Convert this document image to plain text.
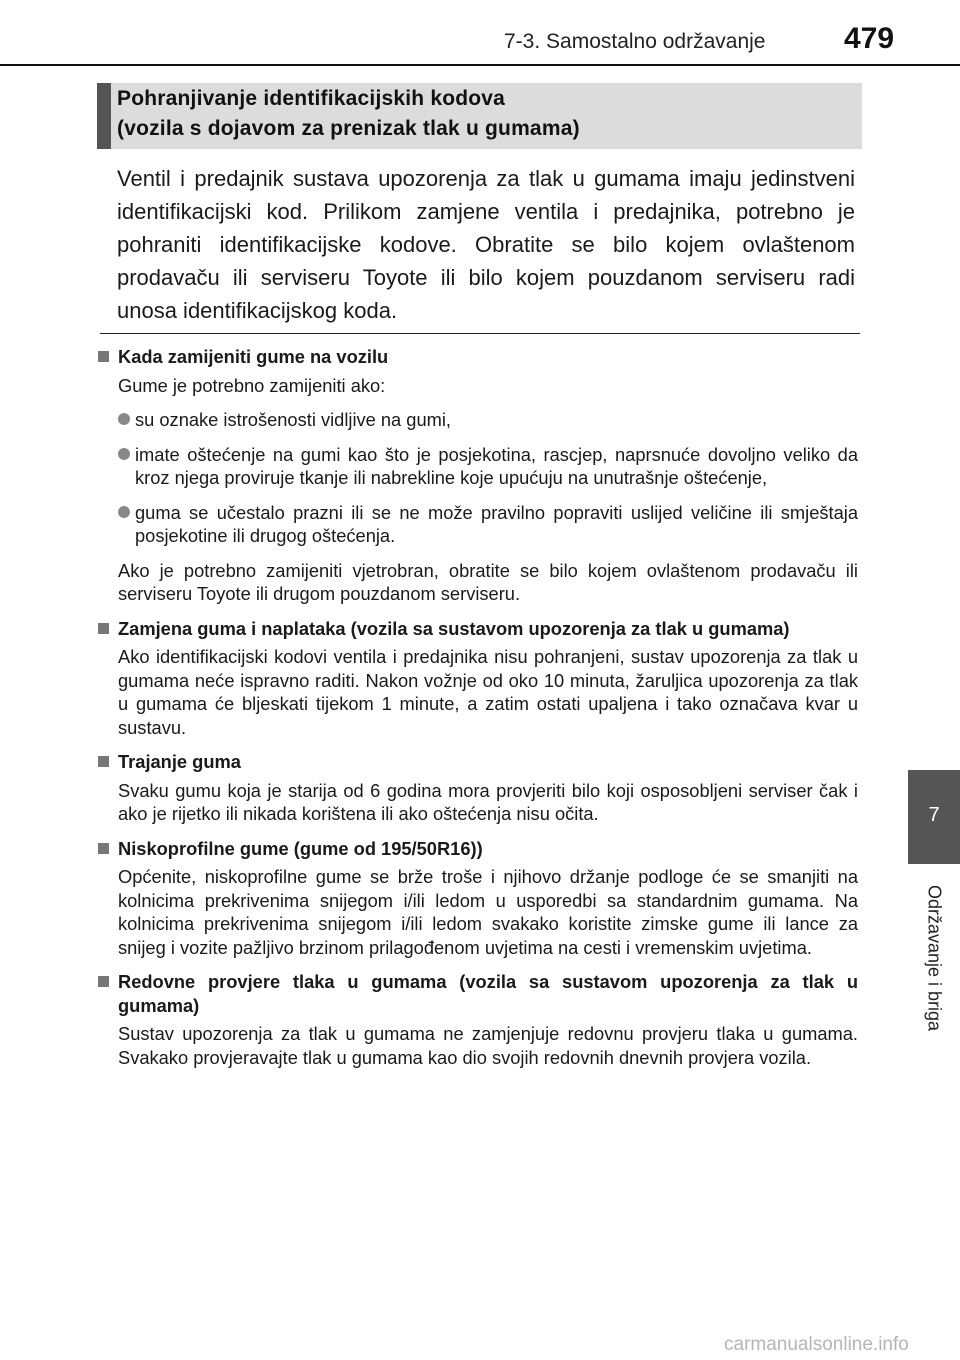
7-3. Samostalno održavanje	479
Pohranjivanje identifikacijskih kodova
(vozila s dojavom za prenizak tlak u gumama)
Ventil i predajnik sustava upozorenja za tlak u gumama imaju jedinstveni identifikacijski kod. Prilikom zamjene ventila i predajnika, potrebno je pohraniti identifikacijske kodove. Obratite se bilo kojem ovlaštenom prodavaču ili serviseru Toyote ili bilo kojem pouzdanom serviseru radi unosa identifikacijskog koda.
Kada zamijeniti gume na vozilu
Gume je potrebno zamijeniti ako:
su oznake istrošenosti vidljive na gumi,
imate oštećenje na gumi kao što je posjekotina, rascjep, naprsnuće dovoljno veliko da kroz njega proviruje tkanje ili nabrekline koje upućuju na unutrašnje oštećenje,
guma se učestalo prazni ili se ne može pravilno popraviti uslijed veličine ili smještaja posjekotine ili drugog oštećenja.
Ako je potrebno zamijeniti vjetrobran, obratite se bilo kojem ovlaštenom prodavaču ili serviseru Toyote ili drugom pouzdanom serviseru.
Zamjena guma i naplataka (vozila sa sustavom upozorenja za tlak u gumama)
Ako identifikacijski kodovi ventila i predajnika nisu pohranjeni, sustav upozorenja za tlak u gumama neće ispravno raditi. Nakon vožnje od oko 10 minuta, žaruljica upozorenja za tlak u gumama će bljeskati tijekom 1 minute, a zatim ostati upaljena i tako označava kvar u sustavu.
Trajanje guma
Svaku gumu koja je starija od 6 godina mora provjeriti bilo koji osposobljeni serviser čak i ako je rijetko ili nikada korištena ili ako oštećenja nisu očita.
Niskoprofilne gume (gume od 195/50R16))
Općenite, niskoprofilne gume se brže troše i njihovo držanje podloge će se smanjiti na kolnicima prekrivenima snijegom i/ili ledom u usporedbi sa standardnim gumama. Na kolnicima prekrivenima snijegom i/ili ledom svakako koristite zimske gume ili lance za snijeg i vozite pažljivo brzinom prilagođenom uvjetima na cesti i vremenskim uvjetima.
Redovne provjere tlaka u gumama (vozila sa sustavom upozorenja za tlak u gumama)
Sustav upozorenja za tlak u gumama ne zamjenjuje redovnu provjeru tlaka u gumama. Svakako provjeravajte tlak u gumama kao dio svojih redovnih dnevnih provjera vozila.
7
Održavanje i briga
carmanualsonline.info
